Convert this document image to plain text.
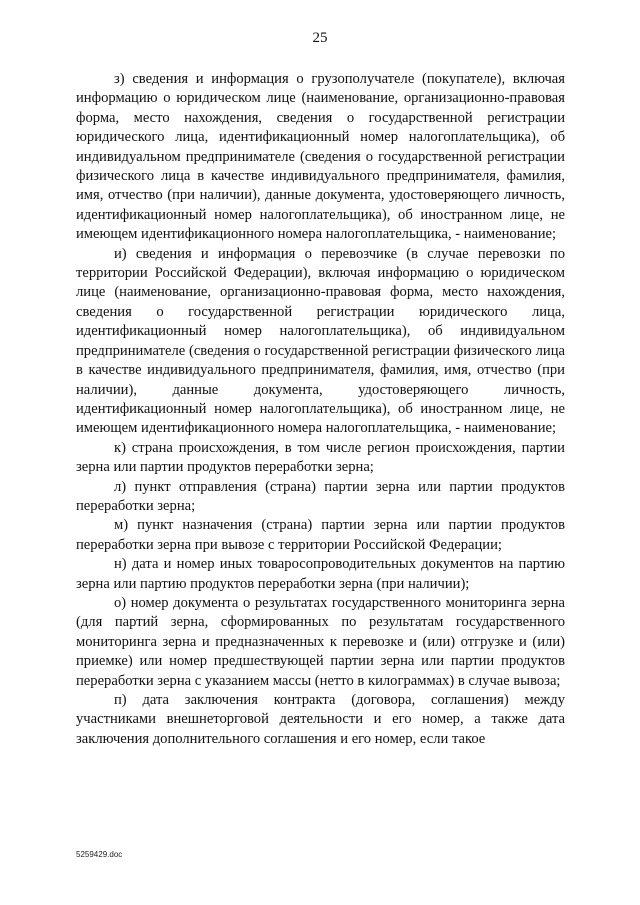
25

з) сведения и информация о грузополучателе (покупателе), включая информацию о юридическом лице (наименование, организационно-правовая форма, место нахождения, сведения о государственной регистрации юридического лица, идентификационный номер налогоплательщика), об индивидуальном предпринимателе (сведения о государственной регистрации физического лица в качестве индивидуального предпринимателя, фамилия, имя, отчество (при наличии), данные документа, удостоверяющего личность, идентификационный номер налогоплательщика), об иностранном лице, не имеющем идентификационного номера налогоплательщика, - наименование;

и) сведения и информация о перевозчике (в случае перевозки по территории Российской Федерации), включая информацию о юридическом лице (наименование, организационно-правовая форма, место нахождения, сведения о государственной регистрации юридического лица, идентификационный номер налогоплательщика), об индивидуальном предпринимателе (сведения о государственной регистрации физического лица в качестве индивидуального предпринимателя, фамилия, имя, отчество (при наличии), данные документа, удостоверяющего личность, идентификационный номер налогоплательщика), об иностранном лице, не имеющем идентификационного номера налогоплательщика, - наименование;

к) страна происхождения, в том числе регион происхождения, партии зерна или партии продуктов переработки зерна;

л) пункт отправления (страна) партии зерна или партии продуктов переработки зерна;

м) пункт назначения (страна) партии зерна или партии продуктов переработки зерна при вывозе с территории Российской Федерации;

н) дата и номер иных товаросопроводительных документов на партию зерна или партию продуктов переработки зерна (при наличии);

о) номер документа о результатах государственного мониторинга зерна (для партий зерна, сформированных по результатам государственного мониторинга зерна и предназначенных к перевозке и (или) отгрузке и (или) приемке) или номер предшествующей партии зерна или партии продуктов переработки зерна с указанием массы (нетто в килограммах) в случае вывоза;

п) дата заключения контракта (договора, соглашения) между участниками внешнеторговой деятельности и его номер, а также дата заключения дополнительного соглашения и его номер, если такое

5259429.doc
